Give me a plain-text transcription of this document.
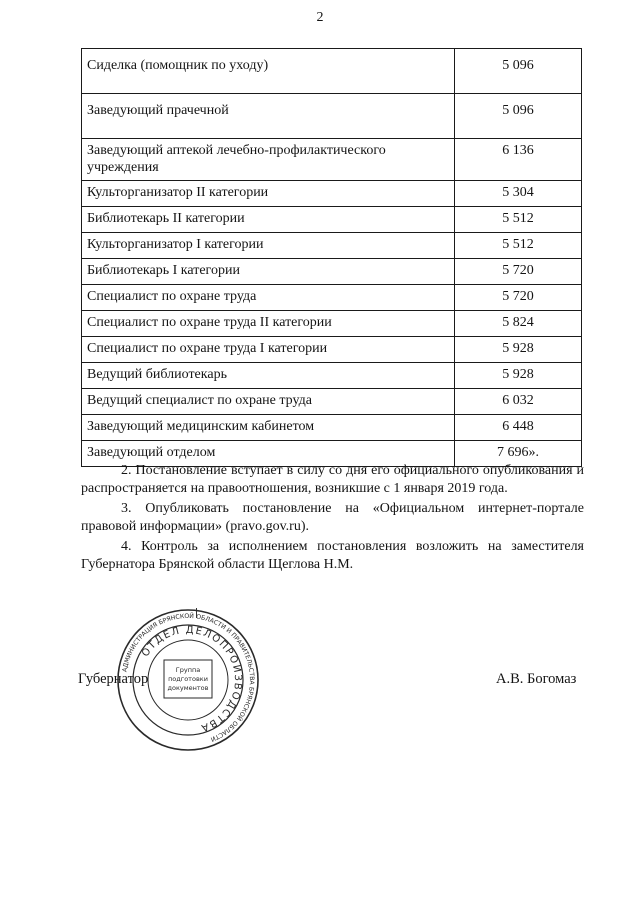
2
Сиделка (помощник по уходу)	5 096
Заведующий прачечной	5 096
Заведующий аптекой лечебно-профилактического учреждения	6 136
Культорганизатор II категории	5 304
Библиотекарь II категории	5 512
Культорганизатор I категории	5 512
Библиотекарь I категории	5 720
Специалист по охране труда	5 720
Специалист по охране труда II категории	5 824
Специалист по охране труда I категории	5 928
Ведущий библиотекарь	5 928
Ведущий специалист по охране труда	6 032
Заведующий медицинским кабинетом	6 448
Заведующий отделом	7 696».

2. Постановление вступает в силу со дня его официального опубликования и распространяется на правоотношения, возникшие с 1 января 2019 года.

3. Опубликовать постановление на «Официальном интернет-портале правовой информации» (pravo.gov.ru).

4. Контроль за исполнением постановления возложить на заместителя Губернатора Брянской области Щеглова Н.М.

Губернатор	А.В. Богомаз
АДМИНИСТРАЦИЯ БРЯНСКОЙ ОБЛАСТИ И ПРАВИТЕЛЬСТВА БРЯНСКОЙ ОБЛАСТИ
ОТДЕЛ ДЕЛОПРОИЗВОДСТВА
Группа
подготовки
документов
